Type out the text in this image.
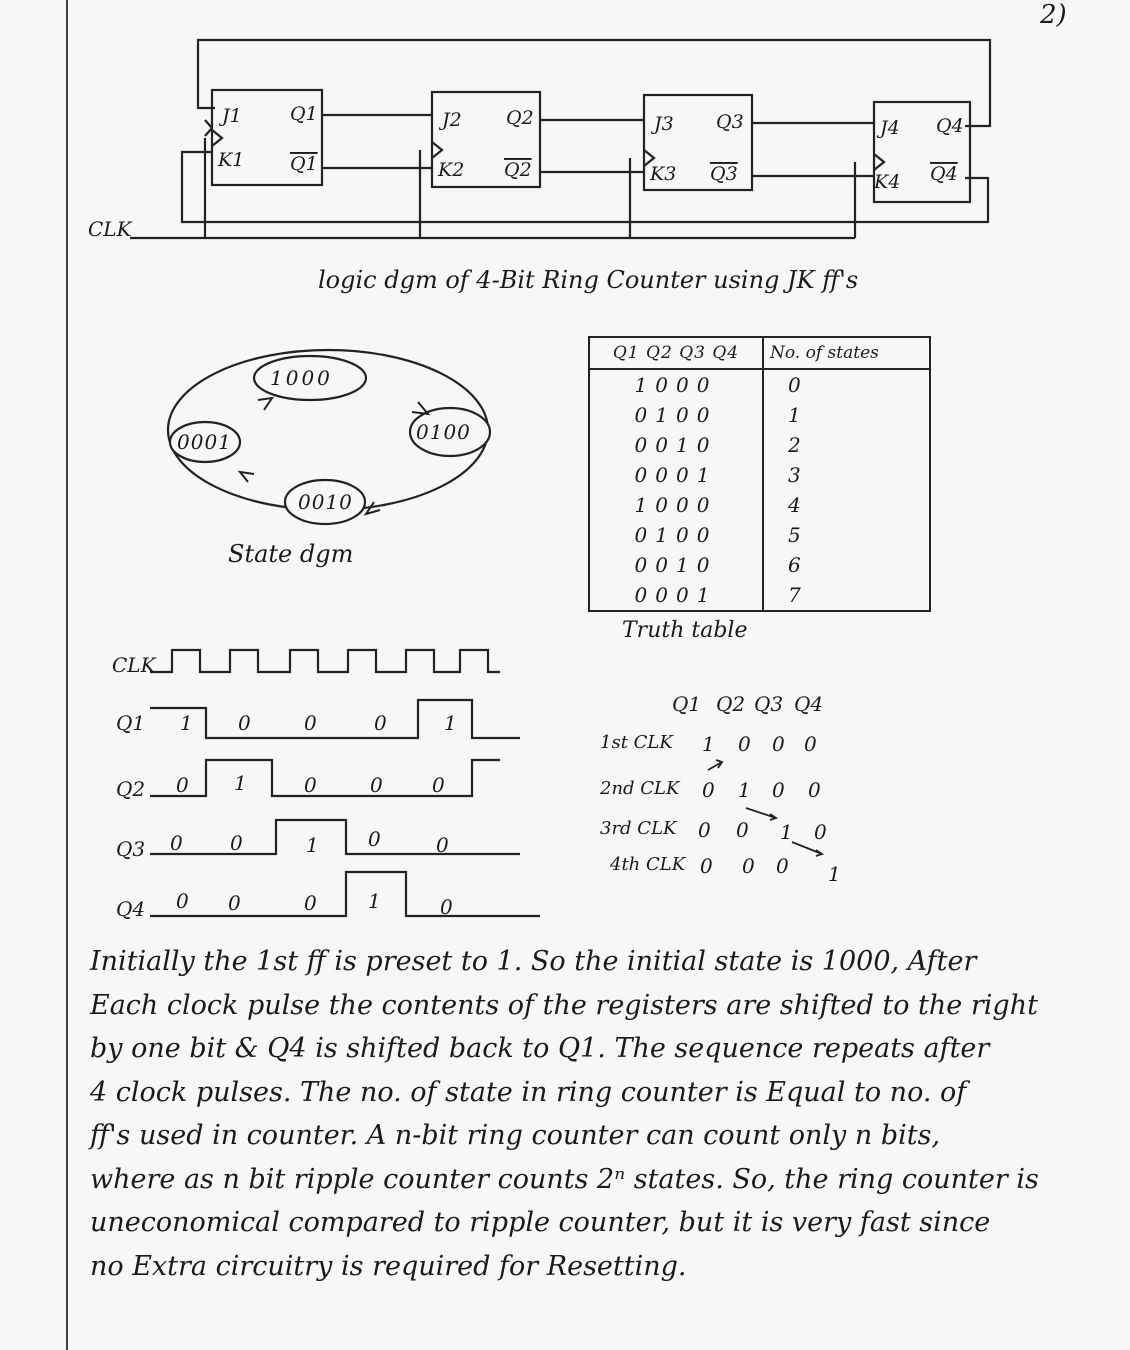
2)
CLK
J1
K1
Q1
Q1
J2
K2
Q2
Q2
J3
K3
Q3
Q3
J4
K4
Q4
Q4
logic dgm of 4-Bit Ring Counter using JK ff's
1000
0100
0010
0001
State dgm
Q1 Q2 Q3 Q4	No. of states
1000	0
0100	1
0010	2
0001	3
1000	4
0100	5
0010	6
0001	7
Truth table
CLK
Q1
Q2
Q3
Q4
1 0	0	0	1
0 1	0	0 0
0 0	1 0	0
0 0	0	1	0
Q1 Q2 Q3 Q4
1st CLK 1 0 0 0
2nd CLK 0 1 0 0
3rd CLK 0 0 1 0
4th CLK 0 0 0 1
Initially the 1st ff is preset to 1. So the initial state is 1000, After
Each clock pulse the contents of the registers are shifted to the right
by one bit & Q4 is shifted back to Q1. The sequence repeats after
4 clock pulses. The no. of state in ring counter is Equal to no. of
ff's used in counter. A n-bit ring counter can count only n bits,
where as n bit ripple counter counts 2ⁿ states. So, the ring counter is
uneconomical compared to ripple counter, but it is very fast since
no Extra circuitry is required for Resetting.
